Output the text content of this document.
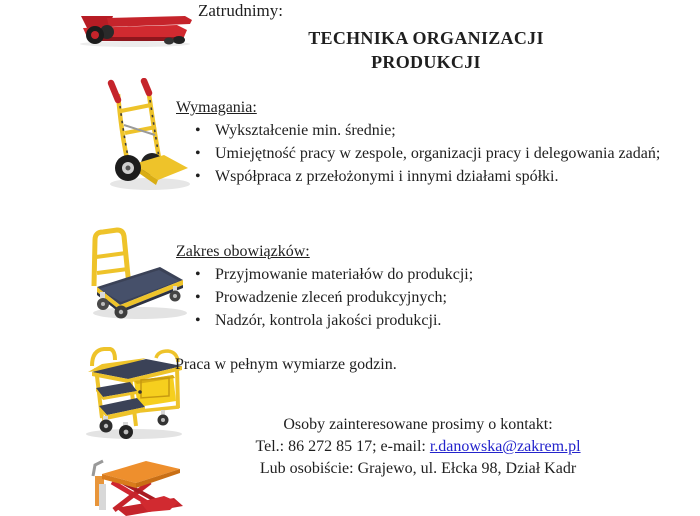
Zatrudnimy:
TECHNIKA ORGANIZACJI
PRODUKCJI
Wymagania:
• Wykształcenie min. średnie;
• Umiejętność pracy w zespole, organizacji pracy i delegowania zadań;
• Współpraca z przełożonymi i innymi działami spółki.
Zakres obowiązków:
• Przyjmowanie materiałów do produkcji;
• Prowadzenie zleceń produkcyjnych;
• Nadzór, kontrola jakości produkcji.
Praca w pełnym wymiarze godzin.
Osoby zainteresowane prosimy o kontakt:
Tel.: 86 272 85 17; e-mail: r.danowska@zakrem.pl
Lub osobiście: Grajewo, ul. Ełcka 98, Dział Kadr
